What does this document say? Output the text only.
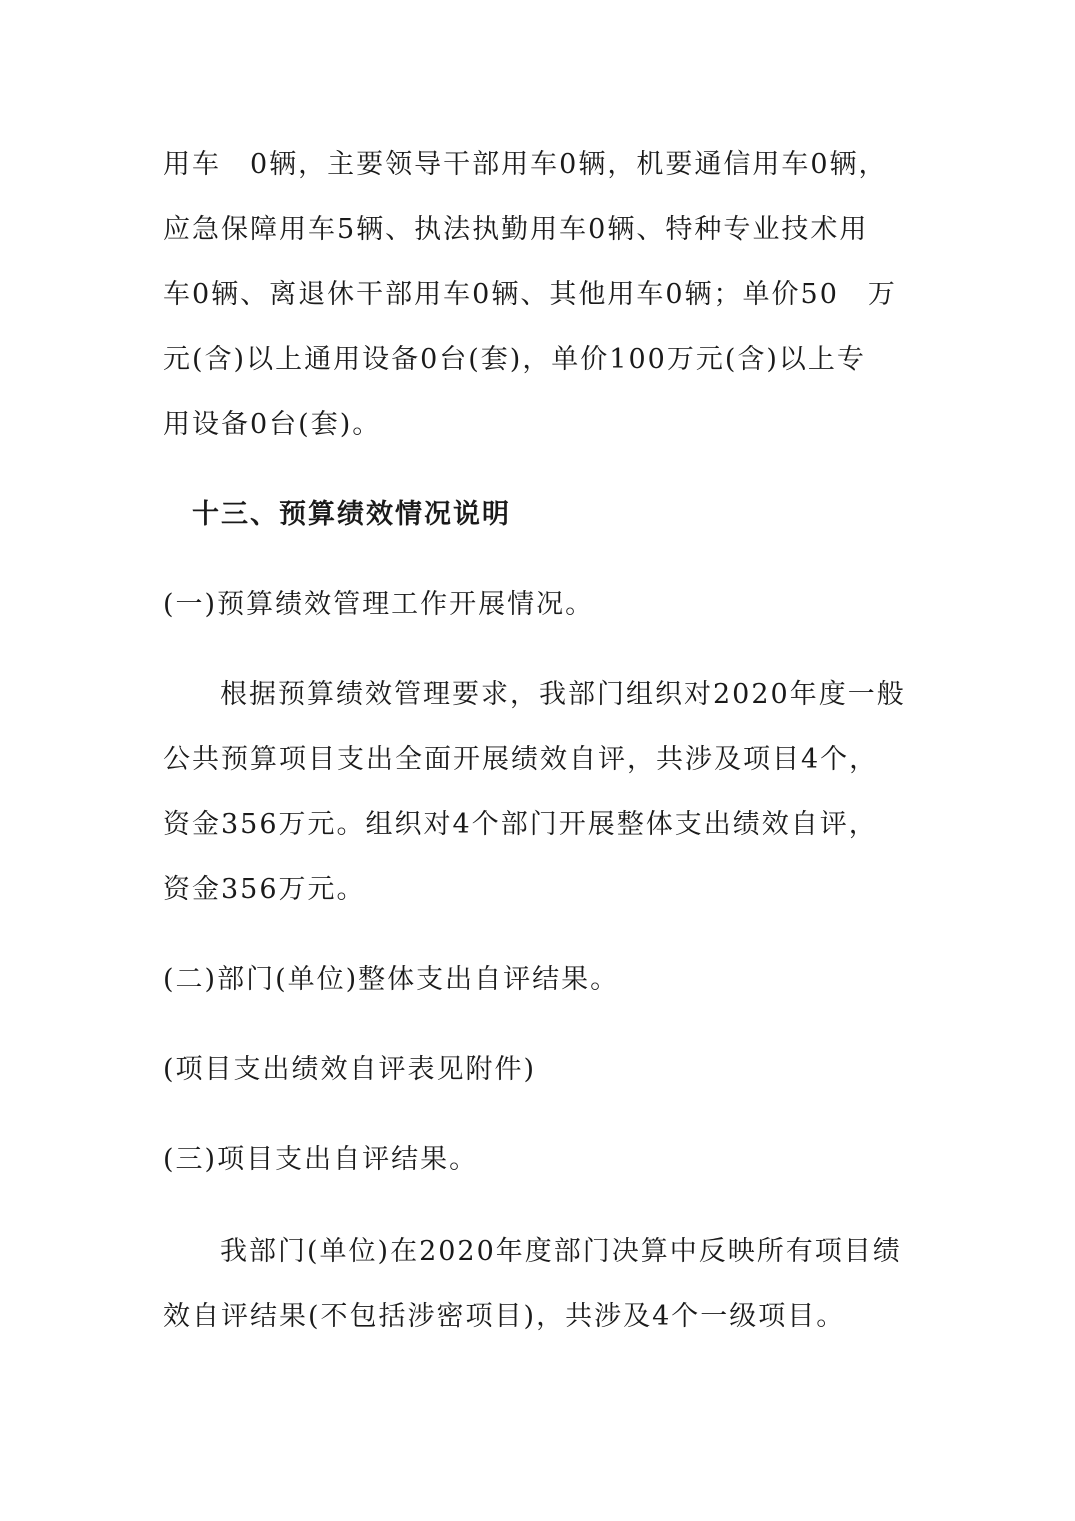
用车　0辆，主要领导干部用车0辆，机要通信用车0辆，
应急保障用车5辆、执法执勤用车0辆、特种专业技术用
车0辆、离退休干部用车0辆、其他用车0辆；单价50　万
元(含)以上通用设备0台(套)，单价100万元(含)以上专
用设备0台(套)。
十三、预算绩效情况说明
(一)预算绩效管理工作开展情况。
根据预算绩效管理要求，我部门组织对2020年度一般
公共预算项目支出全面开展绩效自评，共涉及项目4个，
资金356万元。组织对4个部门开展整体支出绩效自评，
资金356万元。
(二)部门(单位)整体支出自评结果。
(项目支出绩效自评表见附件)
(三)项目支出自评结果。
我部门(单位)在2020年度部门决算中反映所有项目绩
效自评结果(不包括涉密项目)，共涉及4个一级项目。
